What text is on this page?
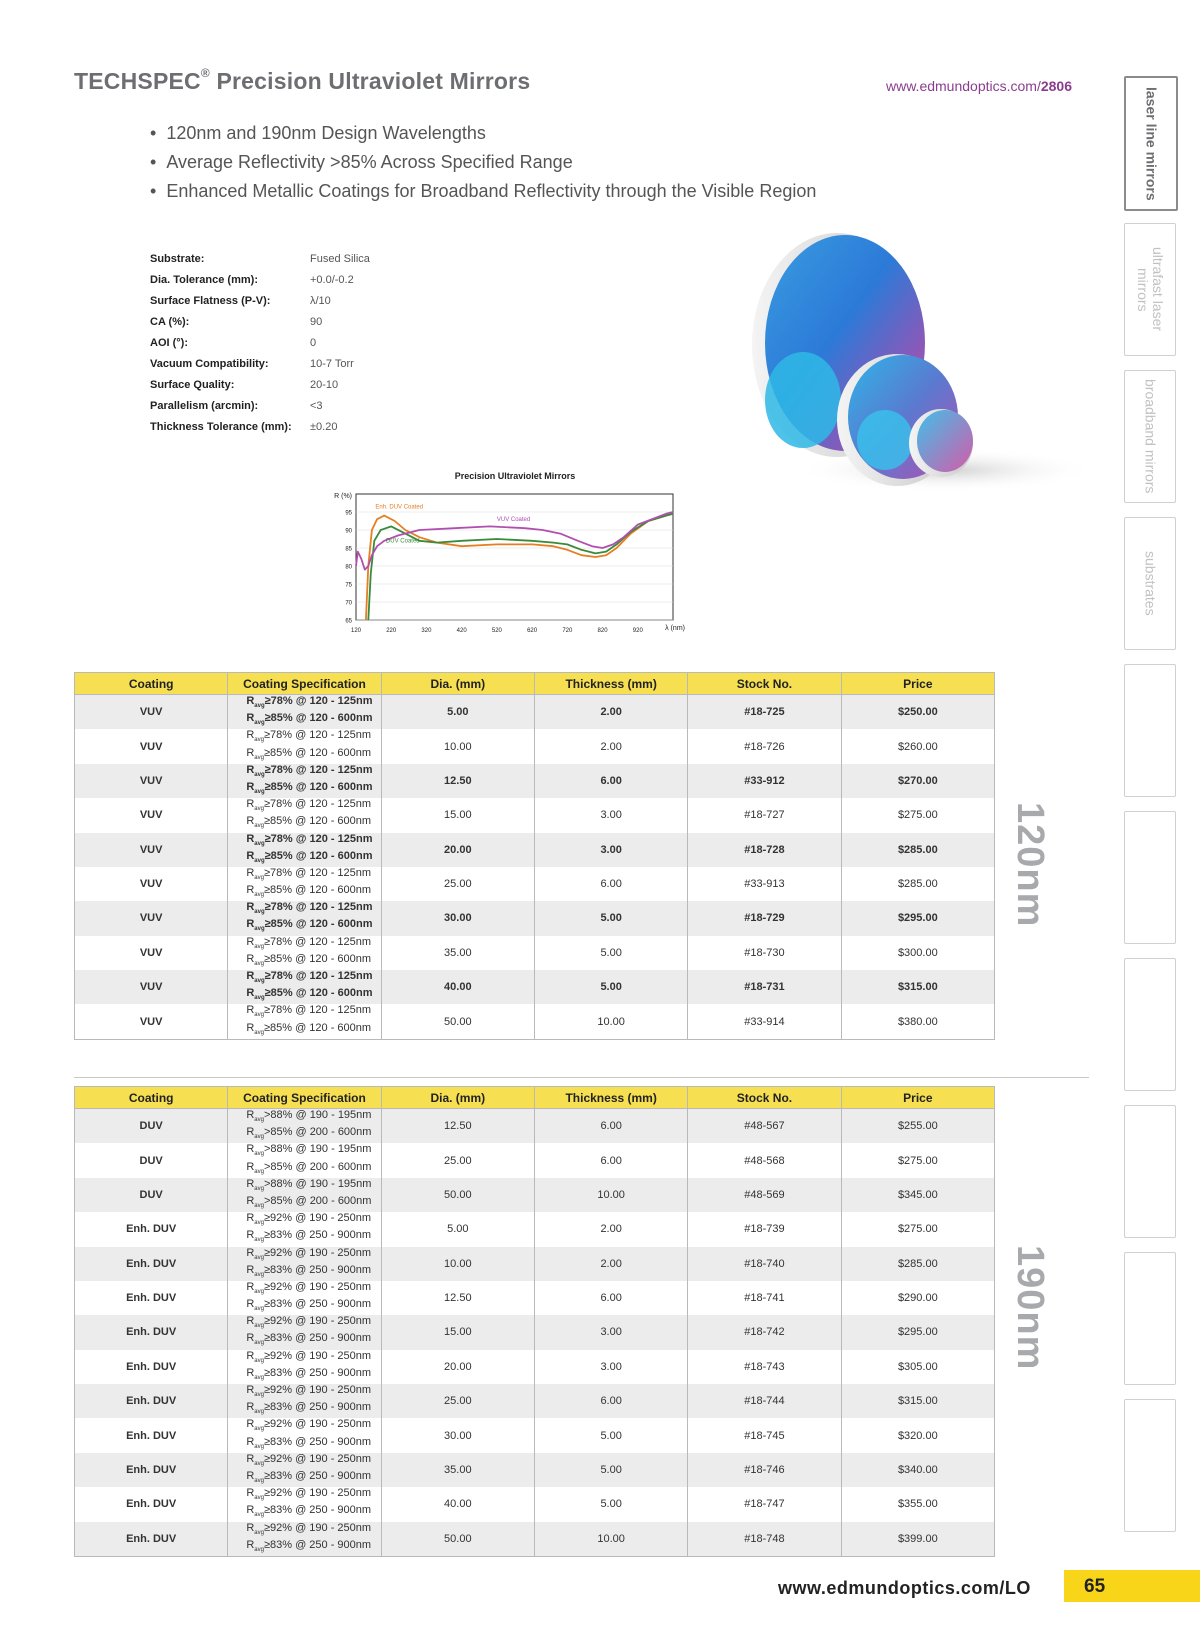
TECHSPEC® Precision Ultraviolet Mirrors	www.edmundoptics.com/2806
• 120nm and 190nm Design Wavelengths
• Average Reflectivity >85% Across Specified Range
• Enhanced Metallic Coatings for Broadband Reflectivity through the Visible Region
Substrate:	Fused Silica
Dia. Tolerance (mm):	+0.0/-0.2
Surface Flatness (P-V):	λ/10
CA (%):	90
AOI (°):	0
Vacuum Compatibility:	10-7 Torr
Surface Quality:	20-10
Parallelism (arcmin):	<3
Thickness Tolerance (mm):	±0.20
laser line mirrors
ultrafast laser mirrors
broadband mirrors
substrates
Precision Ultraviolet Mirrors
R (%)
λ (nm)
65
70
75
80
85
90
95
120	220	320	420	520	620	720	820	920
Enh. DUV Coated
DUV Coated
VUV Coated
Coating	Coating Specification	Dia. (mm)	Thickness (mm)	Stock No.	Price
VUV	$R_{avg}\ge 78\%$ @ 120 - 125nm
$R_{avg}\ge 85\%$ @ 120 - 600nm	5.00	2.00	#18-725	$250.00
VUV	$R_{avg}\ge 78\%$ @ 120 - 125nm
$R_{avg}\ge 85\%$ @ 120 - 600nm	10.00	2.00	#18-726	$260.00
VUV	$R_{avg}\ge 78\%$ @ 120 - 125nm
$R_{avg}\ge 85\%$ @ 120 - 600nm	12.50	6.00	#33-912	$270.00
VUV	$R_{avg}\ge 78\%$ @ 120 - 125nm
$R_{avg}\ge 85\%$ @ 120 - 600nm	15.00	3.00	#18-727	$275.00
VUV	$R_{avg}\ge 78\%$ @ 120 - 125nm
$R_{avg}\ge 85\%$ @ 120 - 600nm	20.00	3.00	#18-728	$285.00
VUV	$R_{avg}\ge 78\%$ @ 120 - 125nm
$R_{avg}\ge 85\%$ @ 120 - 600nm	25.00	6.00	#33-913	$285.00
VUV	$R_{avg}\ge 78\%$ @ 120 - 125nm
$R_{avg}\ge 85\%$ @ 120 - 600nm	30.00	5.00	#18-729	$295.00
VUV	$R_{avg}\ge 78\%$ @ 120 - 125nm
$R_{avg}\ge 85\%$ @ 120 - 600nm	35.00	5.00	#18-730	$300.00
VUV	$R_{avg}\ge 78\%$ @ 120 - 125nm
$R_{avg}\ge 85\%$ @ 120 - 600nm	40.00	5.00	#18-731	$315.00
VUV	$R_{avg}\ge 78\%$ @ 120 - 125nm
$R_{avg}\ge 85\%$ @ 120 - 600nm	50.00	10.00	#33-914	$380.00
120nm
Coating	Coating Specification	Dia. (mm)	Thickness (mm)	Stock No.	Price
DUV	$R_{avg}>88\%$ @ 190 - 195nm
$R_{avg}>85\%$ @ 200 - 600nm	12.50	6.00	#48-567	$255.00
DUV	$R_{avg}>88\%$ @ 190 - 195nm
$R_{avg}>85\%$ @ 200 - 600nm	25.00	6.00	#48-568	$275.00
DUV	$R_{avg}>88\%$ @ 190 - 195nm
$R_{avg}>85\%$ @ 200 - 600nm	50.00	10.00	#48-569	$345.00
Enh. DUV	$R_{avg}\ge 92\%$ @ 190 - 250nm
$R_{avg}\ge 83\%$ @ 250 - 900nm	5.00	2.00	#18-739	$275.00
Enh. DUV	$R_{avg}\ge 92\%$ @ 190 - 250nm
$R_{avg}\ge 83\%$ @ 250 - 900nm	10.00	2.00	#18-740	$285.00
Enh. DUV	$R_{avg}\ge 92\%$ @ 190 - 250nm
$R_{avg}\ge 83\%$ @ 250 - 900nm	12.50	6.00	#18-741	$290.00
Enh. DUV	$R_{avg}\ge 92\%$ @ 190 - 250nm
$R_{avg}\ge 83\%$ @ 250 - 900nm	15.00	3.00	#18-742	$295.00
Enh. DUV	$R_{avg}\ge 92\%$ @ 190 - 250nm
$R_{avg}\ge 83\%$ @ 250 - 900nm	20.00	3.00	#18-743	$305.00
Enh. DUV	$R_{avg}\ge 92\%$ @ 190 - 250nm
$R_{avg}\ge 83\%$ @ 250 - 900nm	25.00	6.00	#18-744	$315.00
Enh. DUV	$R_{avg}\ge 92\%$ @ 190 - 250nm
$R_{avg}\ge 83\%$ @ 250 - 900nm	30.00	5.00	#18-745	$320.00
Enh. DUV	$R_{avg}\ge 92\%$ @ 190 - 250nm
$R_{avg}\ge 83\%$ @ 250 - 900nm	35.00	5.00	#18-746	$340.00
Enh. DUV	$R_{avg}\ge 92\%$ @ 190 - 250nm
$R_{avg}\ge 83\%$ @ 250 - 900nm	40.00	5.00	#18-747	$355.00
Enh. DUV	$R_{avg}\ge 92\%$ @ 190 - 250nm
$R_{avg}\ge 83\%$ @ 250 - 900nm	50.00	10.00	#18-748	$399.00
190nm
www.edmundoptics.com/LO	65
